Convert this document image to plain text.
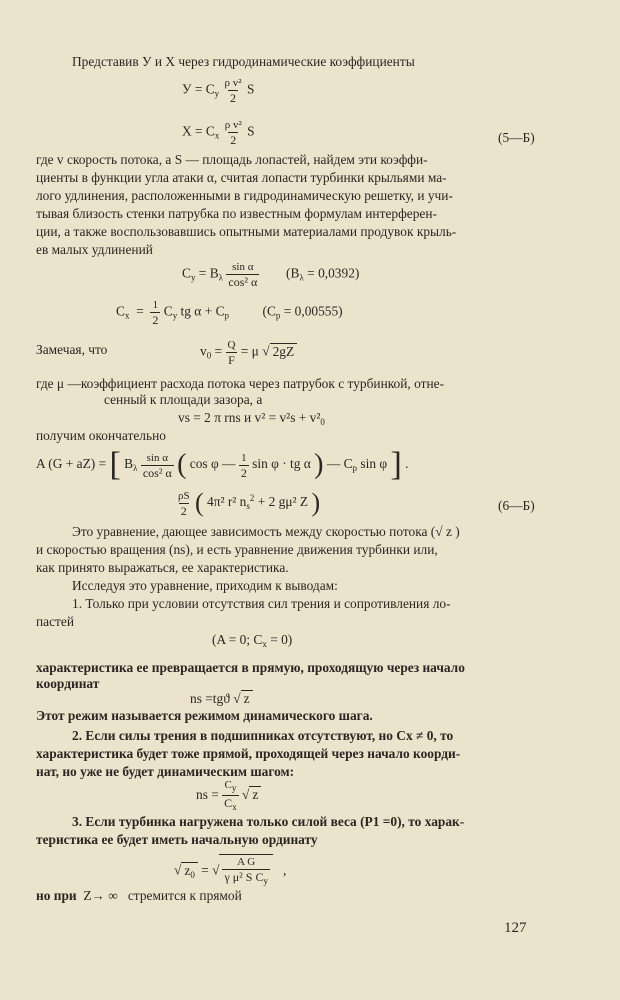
Представив У и Х через гидродинамические коэффициенты
$У = C_y \frac{\text{ρ v²}}{2}$ S
$X = C_x \frac{\text{ρ v²}}{2}$ S	(5—Б)
где v скорость потока, а S — площадь лопастей, найдем эти коэффи-
циенты в функции угла атаки α, считая лопасти турбинки крыльями ма-
лого удлинения, расположенными в гидродинамическую решетку, и учи-
тывая близость стенки патрубка по известным формулам интерферен-
ции, а также воспользовавшись опытными материалами продувок крыль-
ев малых удлинений
$C_y = B_\lambda \frac{\text{sin α}}{\text{cos² α}} (B_\lambda = 0,0392)$
$C_x = \frac{1}{2} C_y$ tg $\alpha + C_p$ $(C_p = 0,00555)$
Замечая, что	$v_0 = \frac{Q}{F} = \mu$ √ 2gZ
где μ —коэффициент расхода потока через патрубок с турбинкой, отне-
сенный к площади зазора, а
vs = 2 π rns и $v^2 = v^2s + v^2_0$
получим окончательно
A (G + aZ) = [ $B_\lambda \frac{\text{sin α}}{\text{cos² α}}$ ( cos φ — $\frac{1}{2}$ sin φ · tg α ) — $C_p$ sin φ ] .
$\frac{\rho S}{2}$ ( 4π² r² $n_s^2 + 2$ gμ² Z )	(6—Б)
Это уравнение, дающее зависимость между скоростью потока (√ z )
и скоростью вращения (ns), и есть уравнение движения турбинки или,
как принято выражаться, ее характеристика.
Исследуя это уравнение, приходим к выводам:
1. Только при условии отсутствия сил трения и сопротивления ло-
пастей
(A = 0; $C_x = 0$)
характеристика ее превращается в прямую, проходящую через начало
координат
ns =tgϑ √ z
Этот режим называется режимом динамического шага.
2. Если силы трения в подшипниках отсутствуют, но Cx ≠ 0, то
характеристика будет тоже прямой, проходящей через начало коорди-
нат, но уже не будет динамическим шагом:
ns = $\frac{C_y}{C_x}$ √ z
3. Если турбинка нагружена только силой веса (P1 =0), то харак-
теристика ее будет иметь начальную ординату
√ $z_0$ = √ $\frac{\text{A G}}{\gamma \mu^2 S C_y}$ ,
но при Z→ ∞ стремится к прямой
127
